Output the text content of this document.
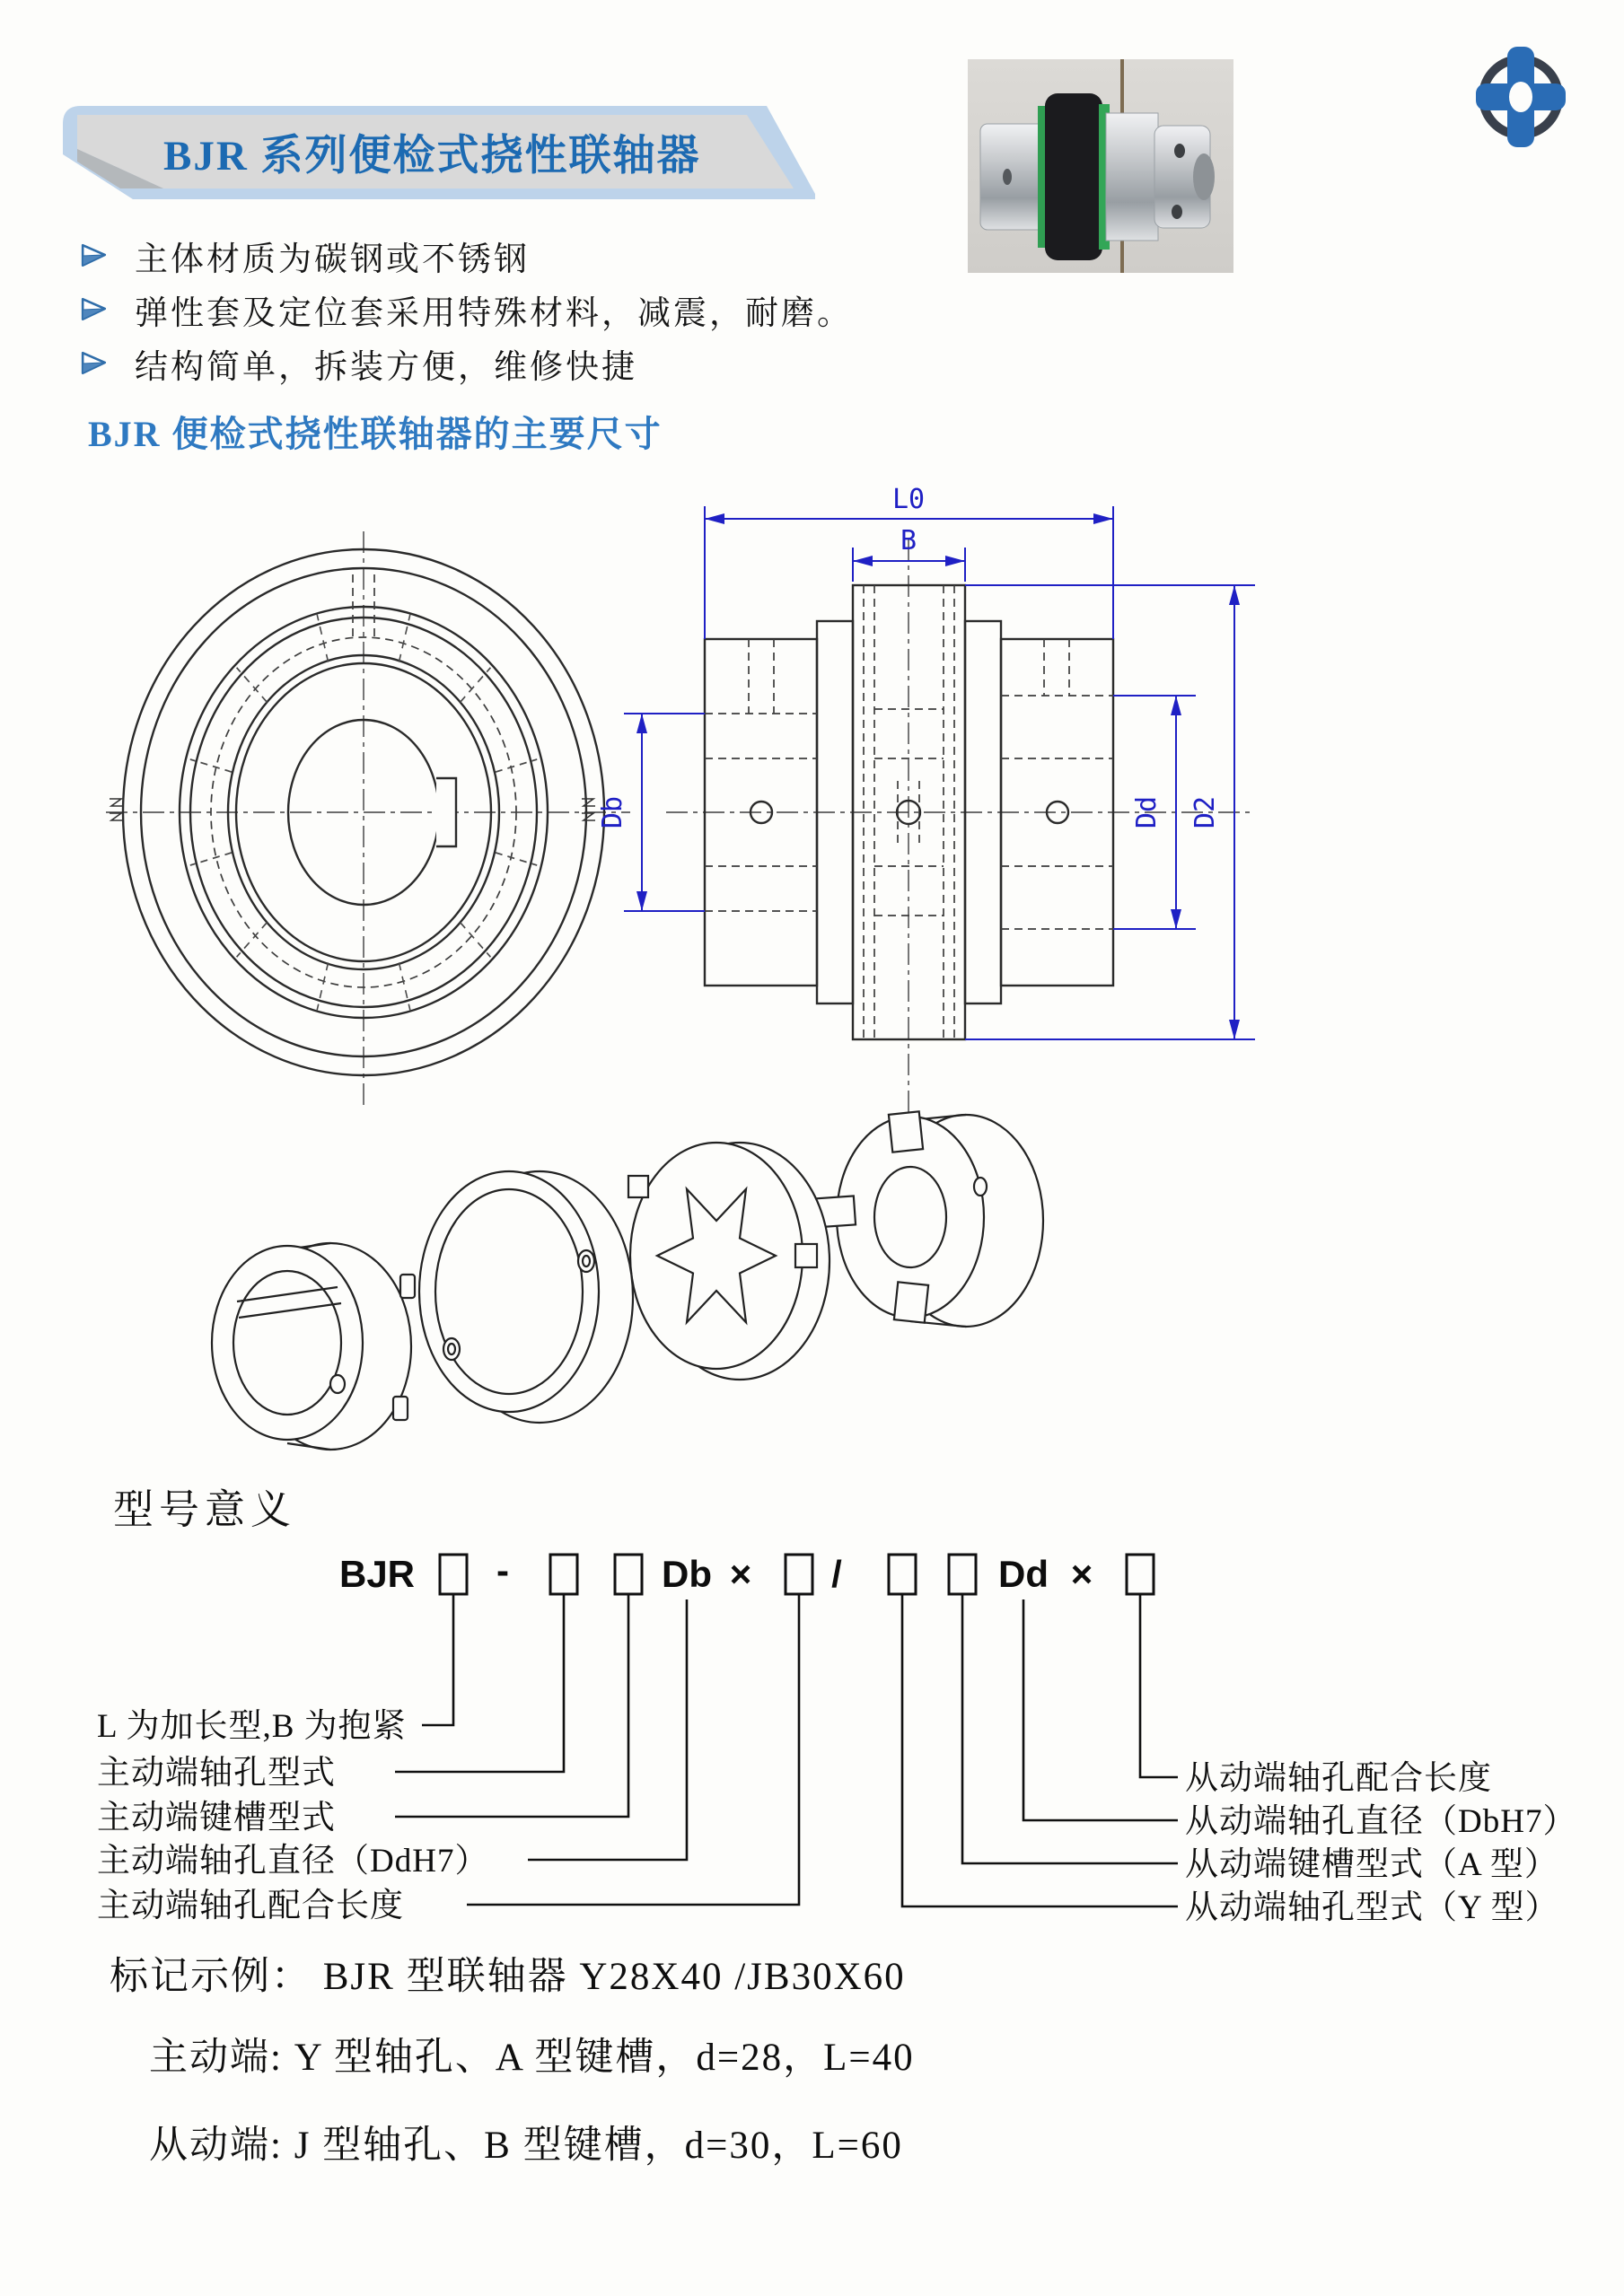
BJR 系列便检式挠性联轴器
主体材质为碳钢或不锈钢
弹性套及定位套采用特殊材料，减震，耐磨。
结构简单，拆装方便，维修快捷
BJR 便检式挠性联轴器的主要尺寸
L0
B
Db	Dd D2
型号意义
BJR -	Db × /	Dd ×
L 为加长型,B 为抱紧
主动端轴孔型式
主动端键槽型式
主动端轴孔直径（DdH7）
主动端轴孔配合长度
从动端轴孔配合长度
从动端轴孔直径（DbH7）
从动端键槽型式（A 型）
从动端轴孔型式（Y 型）
标记示例： BJR 型联轴器 Y28X40 /JB30X60
主动端: Y 型轴孔、A 型键槽，d=28，L=40
从动端: J 型轴孔、B 型键槽，d=30，L=60
